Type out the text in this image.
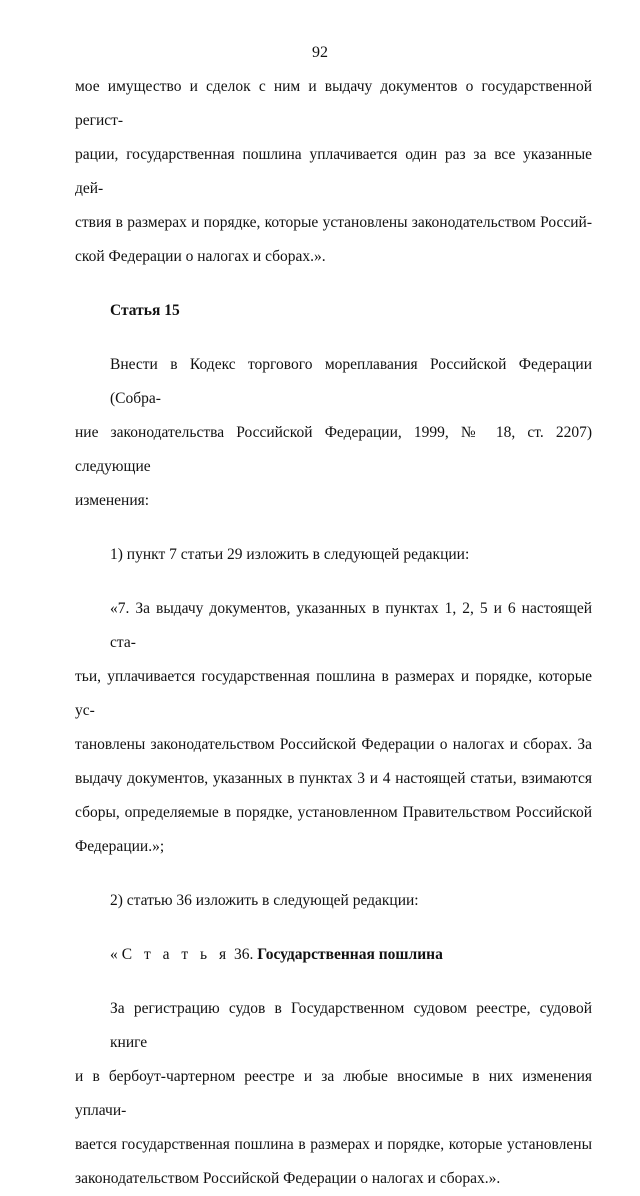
92
мое имущество и сделок с ним и выдачу документов о государственной регист-
рации, государственная пошлина уплачивается один раз за все указанные дей-
ствия в размерах и порядке, которые установлены законодательством Россий-
ской Федерации о налогах и сборах.».
Статья 15
Внести в Кодекс торгового мореплавания Российской Федерации (Собра-
ние законодательства Российской Федерации, 1999, № 18, ст. 2207) следующие
изменения:
1) пункт 7 статьи 29 изложить в следующей редакции:
«7. За выдачу документов, указанных в пунктах 1, 2, 5 и 6 настоящей ста-
тьи, уплачивается государственная пошлина в размерах и порядке, которые ус-
тановлены законодательством Российской Федерации о налогах и сборах. За
выдачу документов, указанных в пунктах 3 и 4 настоящей статьи, взимаются
сборы, определяемые в порядке, установленном Правительством Российской
Федерации.»;
2) статью 36 изложить в следующей редакции:
«С т а т ь я 36. Государственная пошлина
За регистрацию судов в Государственном судовом реестре, судовой книге
и в бербоут-чартерном реестре и за любые вносимые в них изменения уплачи-
вается государственная пошлина в размерах и порядке, которые установлены
законодательством Российской Федерации о налогах и сборах.».
